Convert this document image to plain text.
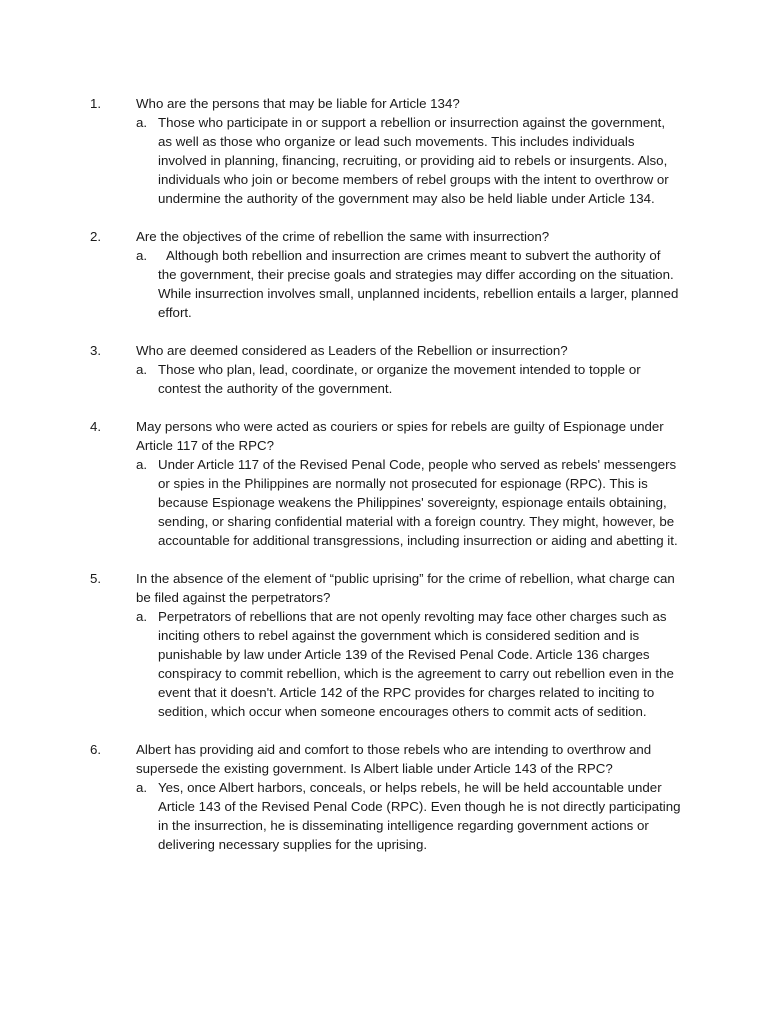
1.	Who are the persons that may be liable for Article 134?
a. Those who participate in or support a rebellion or insurrection against the government, as well as those who organize or lead such movements. This includes individuals involved in planning, financing, recruiting, or providing aid to rebels or insurgents. Also, individuals who join or become members of rebel groups with the intent to overthrow or undermine the authority of the government may also be held liable under Article 134.
2.	Are the objectives of the crime of rebellion the same with insurrection?
a.	Although both rebellion and insurrection are crimes meant to subvert the authority of the government, their precise goals and strategies may differ according on the situation. While insurrection involves small, unplanned incidents, rebellion entails a larger, planned effort.
3.	Who are deemed considered as Leaders of the Rebellion or insurrection?
a. Those who plan, lead, coordinate, or organize the movement intended to topple or contest the authority of the government.
4.	May persons who were acted as couriers or spies for rebels are guilty of Espionage under Article 117 of the RPC?
a. Under Article 117 of the Revised Penal Code, people who served as rebels' messengers or spies in the Philippines are normally not prosecuted for espionage (RPC). This is because Espionage weakens the Philippines' sovereignty, espionage entails obtaining, sending, or sharing confidential material with a foreign country. They might, however, be accountable for additional transgressions, including insurrection or aiding and abetting it.
5.	In the absence of the element of “public uprising” for the crime of rebellion, what charge can be filed against the perpetrators?
a. Perpetrators of rebellions that are not openly revolting may face other charges such as inciting others to rebel against the government which is considered sedition and is punishable by law under Article 139 of the Revised Penal Code. Article 136 charges conspiracy to commit rebellion, which is the agreement to carry out rebellion even in the event that it doesn't. Article 142 of the RPC provides for charges related to inciting to sedition, which occur when someone encourages others to commit acts of sedition.
6.	Albert has providing aid and comfort to those rebels who are intending to overthrow and supersede the existing government. Is Albert liable under Article 143 of the RPC?
a. Yes, once Albert harbors, conceals, or helps rebels, he will be held accountable under Article 143 of the Revised Penal Code (RPC). Even though he is not directly participating in the insurrection, he is disseminating intelligence regarding government actions or delivering necessary supplies for the uprising.
